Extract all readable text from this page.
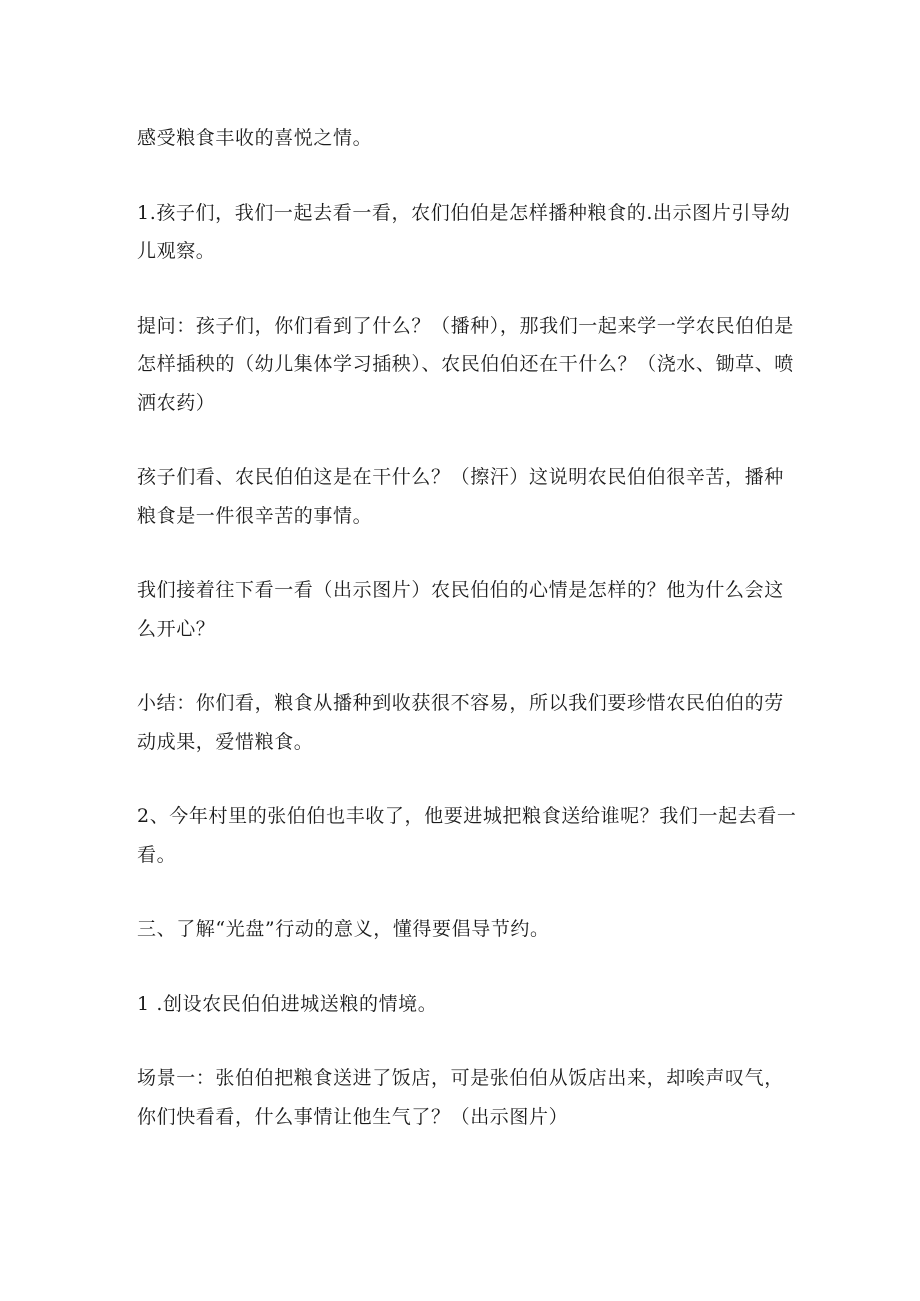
感受粮食丰收的喜悦之情。

1.孩子们，我们一起去看一看，农们伯伯是怎样播种粮食的.出示图片引导幼儿观察。

提问：孩子们，你们看到了什么？（播种），那我们一起来学一学农民伯伯是怎样插秧的（幼儿集体学习插秧）、农民伯伯还在干什么？（浇水、锄草、喷洒农药）

孩子们看、农民伯伯这是在干什么？（擦汗）这说明农民伯伯很辛苦，播种粮食是一件很辛苦的事情。

我们接着往下看一看（出示图片）农民伯伯的心情是怎样的？他为什么会这么开心？

小结：你们看，粮食从播种到收获很不容易，所以我们要珍惜农民伯伯的劳动成果，爱惜粮食。

2、今年村里的张伯伯也丰收了，他要进城把粮食送给谁呢？我们一起去看一看。

三、了解“光盘”行动的意义，懂得要倡导节约。

1 .创设农民伯伯进城送粮的情境。

场景一：张伯伯把粮食送进了饭店，可是张伯伯从饭店出来，却唉声叹气，你们快看看，什么事情让他生气了？（出示图片）
